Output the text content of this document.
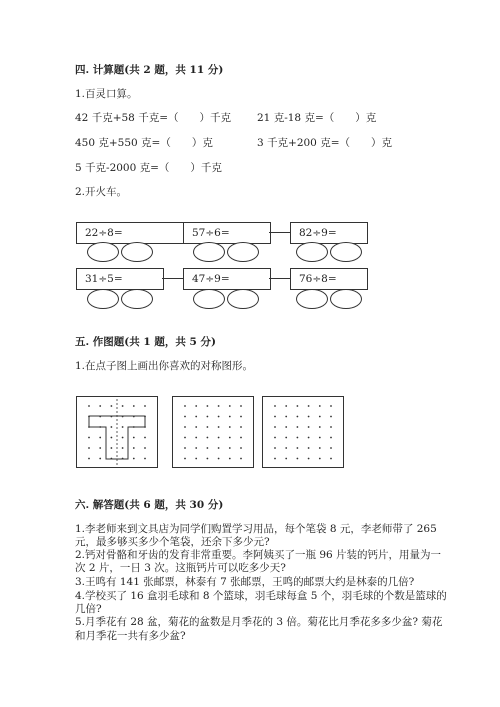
四. 计算题(共 2 题，共 11 分)
1.百灵口算。
42 千克+58 千克=（　　）千克 21 克-18 克=（　　）克
450 克+550 克=（　　）克	3 千克+200 克=（　　）克
5 千克-2000 克=（　　）千克
2.开火车。
22÷8=	57÷6=	82÷9=
31÷5=	47÷9=	76÷8=
五. 作图题(共 1 题，共 5 分)
1.在点子图上画出你喜欢的对称图形。
六. 解答题(共 6 题，共 30 分)
1.李老师来到文具店为同学们购置学习用品，每个笔袋 8 元，李老师带了 265
元，最多够买多少个笔袋，还余下多少元?
2.钙对骨骼和牙齿的发育非常重要。李阿姨买了一瓶 96 片装的钙片，用量为一
次 2 片，一日 3 次。这瓶钙片可以吃多少天?
3.王鸣有 141 张邮票，林泰有 7 张邮票，王鸣的邮票大约是林泰的几倍?
4.学校买了 16 盒羽毛球和 8 个篮球，羽毛球每盒 5 个，羽毛球的个数是篮球的
几倍?
5.月季花有 28 盆，菊花的盆数是月季花的 3 倍。菊花比月季花多多少盆? 菊花
和月季花一共有多少盆?
